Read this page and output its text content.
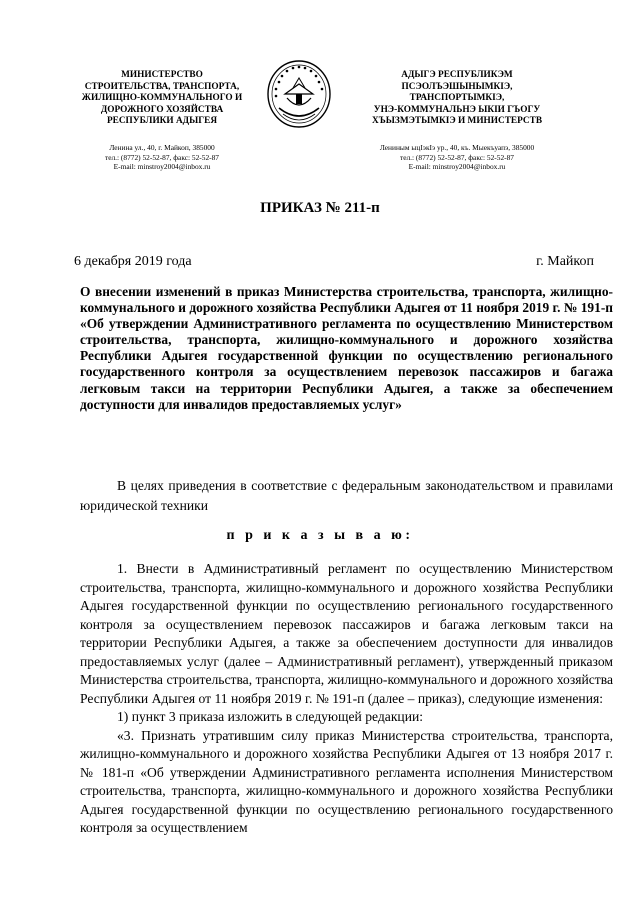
МИНИСТЕРСТВО
СТРОИТЕЛЬСТВА, ТРАНСПОРТА,
ЖИЛИЩНО-КОММУНАЛЬНОГО И
ДОРОЖНОГО ХОЗЯЙСТВА
РЕСПУБЛИКИ АДЫГЕЯ
АДЫГЭ РЕСПУБЛИКЭМ
ПСЭОЛЪЭШЫНЫМКIЭ,
ТРАНСПОРТЫМКIЭ,
УНЭ-КОММУНАЛЬНЭ ЫКIИ ГЪОГУ
ХЪЫЗМЭТЫМКIЭ И МИНИСТЕРСТВ
Ленина ул., 40, г. Майкоп, 385000
тел.: (8772) 52-52-87, факс: 52-52-87
E-mail: minstroy2004@inbox.ru
Лениным ыцIэкIэ ур., 40, къ. Мыекъуапэ, 385000
тел.: (8772) 52-52-87, факс: 52-52-87
E-mail: minstroy2004@inbox.ru
ПРИКАЗ № 211-п
6 декабря 2019 года	г. Майкоп
О внесении изменений в приказ Министерства строительства, транспорта, жилищно-коммунального и дорожного хозяйства Республики Адыгея от 11 ноября 2019 г. № 191-п «Об утверждении Административного регламента по осуществлению Министерством строительства, транспорта, жилищно-коммунального и дорожного хозяйства Республики Адыгея государственной функции по осуществлению регионального государственного контроля за осуществлением перевозок пассажиров и багажа легковым такси на территории Республики Адыгея, а также за обеспечением доступности для инвалидов предоставляемых услуг»
В целях приведения в соответствие с федеральным законодательством и правилами юридической техники
п р и к а з ы в а ю:

1. Внести в Административный регламент по осуществлению Министерством строительства, транспорта, жилищно-коммунального и дорожного хозяйства Республики Адыгея государственной функции по осуществлению регионального государственного контроля за осуществлением перевозок пассажиров и багажа легковым такси на территории Республики Адыгея, а также за обеспечением доступности для инвалидов предоставляемых услуг (далее – Административный регламент), утвержденный приказом Министерства строительства, транспорта, жилищно-коммунального и дорожного хозяйства Республики Адыгея от 11 ноября 2019 г. № 191-п (далее – приказ), следующие изменения:

1) пункт 3 приказа изложить в следующей редакции:

«3. Признать утратившим силу приказ Министерства строительства, транспорта, жилищно-коммунального и дорожного хозяйства Республики Адыгея от 13 ноября 2017 г. № 181-п «Об утверждении Административного регламента исполнения Министерством строительства, транспорта, жилищно-коммунального и дорожного хозяйства Республики Адыгея государственной функции по осуществлению регионального государственного контроля за осуществлением
